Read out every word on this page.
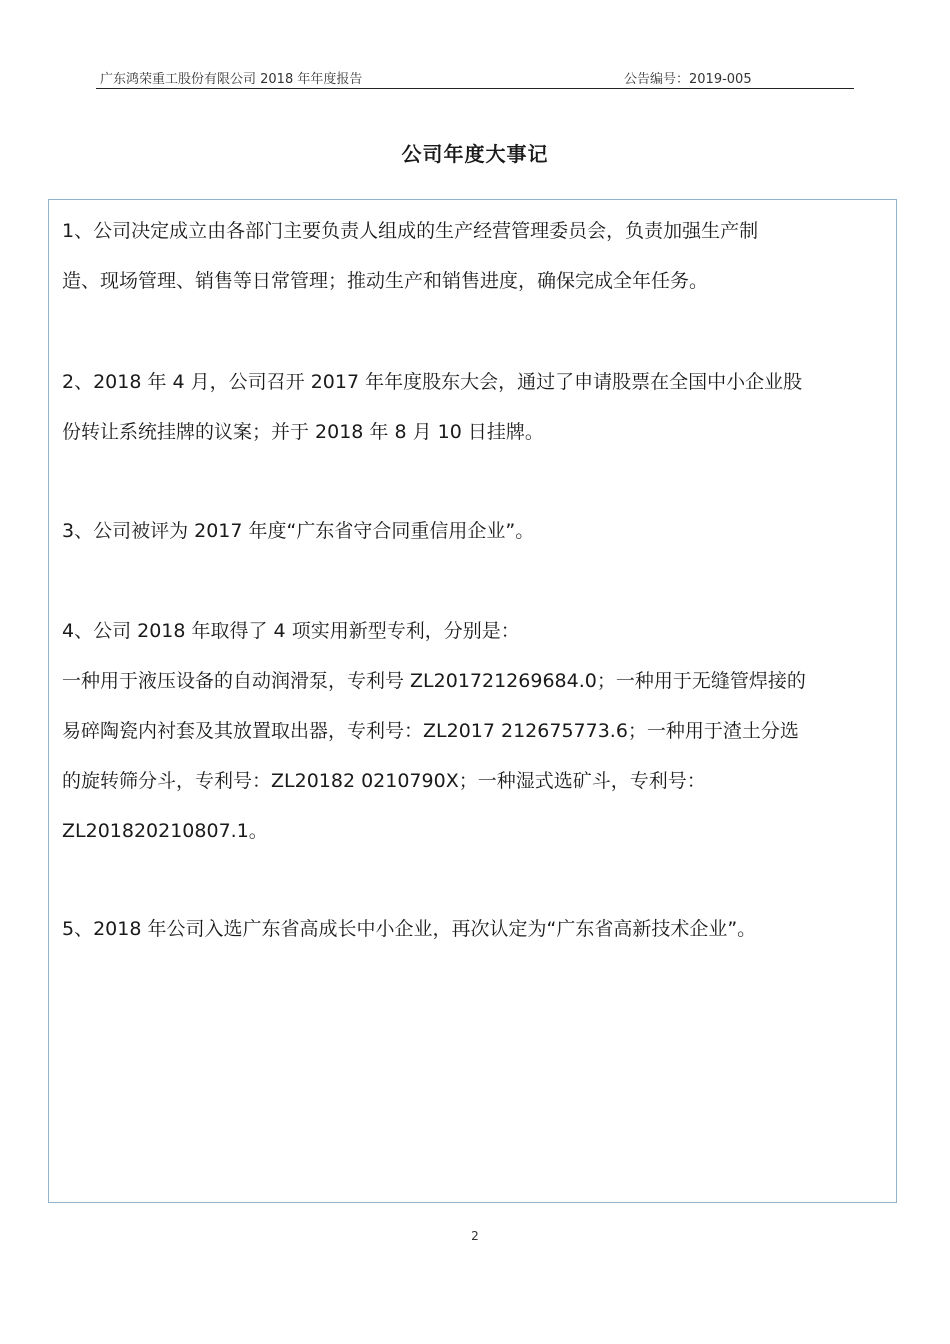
广东鸿荣重工股份有限公司 2018 年年度报告	公告编号：2019-005
公司年度大事记

1、公司决定成立由各部门主要负责人组成的生产经营管理委员会，负责加强生产制

造、现场管理、销售等日常管理；推动生产和销售进度，确保完成全年任务。

2、2018 年 4 月，公司召开 2017 年年度股东大会，通过了申请股票在全国中小企业股

份转让系统挂牌的议案；并于 2018 年 8 月 10 日挂牌。

3、公司被评为 2017 年度“广东省守合同重信用企业”。

4、公司 2018 年取得了 4 项实用新型专利，分别是：

一种用于液压设备的自动润滑泵，专利号 ZL201721269684.0；一种用于无缝管焊接的

易碎陶瓷内衬套及其放置取出器，专利号：ZL2017 212675773.6；一种用于渣土分选

的旋转筛分斗，专利号：ZL20182 0210790X；一种湿式选矿斗，专利号：

ZL201820210807.1。

5、2018 年公司入选广东省高成长中小企业，再次认定为“广东省高新技术企业”。

2
